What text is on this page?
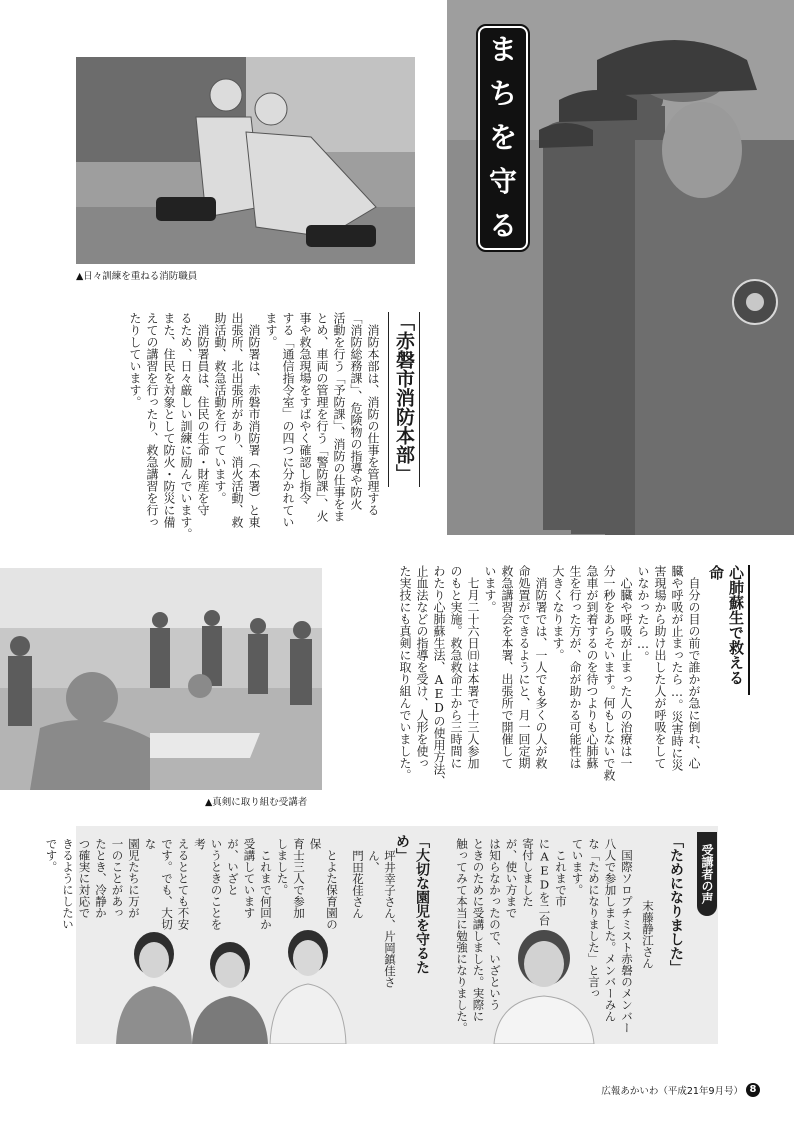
ま
ち
を
守
る
▲日々訓練を重ねる消防職員
「赤磐市消防本部」
　消防本部は、消防の仕事を管理する
「消防総務課」、危険物の指導や防火
活動を行う「予防課」、消防の仕事をま
とめ、車両の管理を行う「警防課」、火
事や救急現場をすばやく確認し指令
する「通信指令室」の四つに分かれてい
ます。
　消防署は、赤磐市消防署（本署）と東
出張所、北出張所があり、消火活動、救
助活動、救急活動を行っています。
　消防署員は、住民の生命・財産を守
るため、日々厳しい訓練に励んでいます。
また、住民を対象として防火・防災に備
えての講習を行ったり、救急講習を行っ
たりしています。
▲真剣に取り組む受講者
心肺蘇生で救える命
　自分の目の前で誰かが急に倒れ、心
臓や呼吸が止まったら…。災害時に災
害現場から助け出した人が呼吸をして
いなかったら…。
　心臓や呼吸が止まった人の治療は一
分一秒をあらそいます。何もしないで救
急車が到着するのを待つよりも心肺蘇
生を行った方が、命が助かる可能性は
大きくなります。
　消防署では、一人でも多くの人が救
命処置ができるようにと、月一回定期
救急講習会を本署、出張所で開催して
います。
　七月二十六日㈰は本署で十三人参加
のもと実施。救急救命士から三時間に
わたり心肺蘇生法、AEDの使用方法、
止血法などの指導を受け、人形を使っ
た実技にも真剣に取り組んでいました。
受講者の声
「ためになりました」
末藤静江さん
　国際ソロプチミスト赤磐のメンバー
八人で参加しました。メンバーみん
な「ためになりました」と言っ
ています。
　これまで市
にAEDを二台
寄付しました
が、使い方まで
は知らなかったので、いざという
ときのために受講しました。実際に
触ってみて本当に勉強になりました。
「大切な園児を守るため」
坪井幸子さん、片岡鎮佳さん、
門田花佳さん
　とよた保育園の保
育士三人で参加
しました。
　これまで何回か
受講していますが、いざと
いうときのことを考
えるととても不安
です。でも、大切な
園児たちに万が
一のことがあっ
たとき、冷静か
つ確実に対応で
きるようにしたいです。
広報あかいわ（平成21年9月号） 8
